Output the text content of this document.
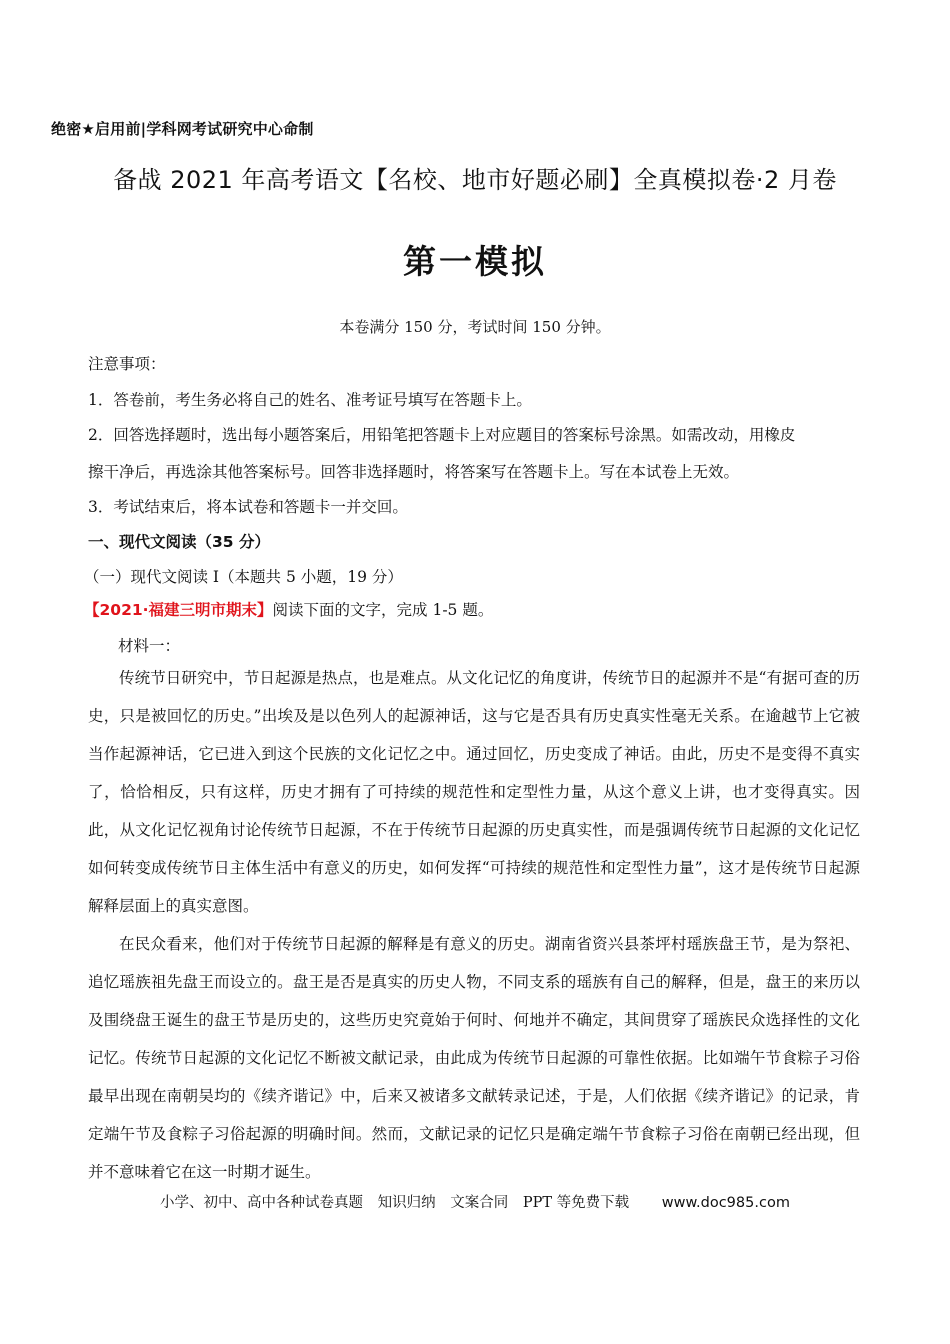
绝密★启用前|学科网考试研究中心命制
备战 2021 年高考语文【名校、地市好题必刷】全真模拟卷·2 月卷
第一模拟
本卷满分 150 分，考试时间 150 分钟。
注意事项：
1．答卷前，考生务必将自己的姓名、准考证号填写在答题卡上。
2．回答选择题时，选出每小题答案后，用铅笔把答题卡上对应题目的答案标号涂黑。如需改动，用橡皮
擦干净后，再选涂其他答案标号。回答非选择题时，将答案写在答题卡上。写在本试卷上无效。
3．考试结束后，将本试卷和答题卡一并交回。
一、现代文阅读（35 分）
（一）现代文阅读 I（本题共 5 小题，19 分）
【2021·福建三明市期末】阅读下面的文字，完成 1-5 题。
材料一：

传统节日研究中，节日起源是热点，也是难点。从文化记忆的角度讲，传统节日的起源并不是“有据可查的历史，只是被回忆的历史。”出埃及是以色列人的起源神话，这与它是否具有历史真实性毫无关系。在逾越节上它被当作起源神话，它已进入到这个民族的文化记忆之中。通过回忆，历史变成了神话。由此，历史不是变得不真实了，恰恰相反，只有这样，历史才拥有了可持续的规范性和定型性力量，从这个意义上讲，也才变得真实。因此，从文化记忆视角讨论传统节日起源，不在于传统节日起源的历史真实性，而是强调传统节日起源的文化记忆如何转变成传统节日主体生活中有意义的历史，如何发挥“可持续的规范性和定型性力量”，这才是传统节日起源解释层面上的真实意图。

在民众看来，他们对于传统节日起源的解释是有意义的历史。湖南省资兴县茶坪村瑶族盘王节，是为祭祀、追忆瑶族祖先盘王而设立的。盘王是否是真实的历史人物，不同支系的瑶族有自己的解释，但是，盘王的来历以及围绕盘王诞生的盘王节是历史的，这些历史究竟始于何时、何地并不确定，其间贯穿了瑶族民众选择性的文化记忆。传统节日起源的文化记忆不断被文献记录，由此成为传统节日起源的可靠性依据。比如端午节食粽子习俗最早出现在南朝吴均的《续齐谐记》中，后来又被诸多文献转录记述，于是，人们依据《续齐谐记》的记录，肯定端午节及食粽子习俗起源的明确时间。然而，文献记录的记忆只是确定端午节食粽子习俗在南朝已经出现，但并不意味着它在这一时期才诞生。

小学、初中、高中各种试卷真题 知识归纳 文案合同 PPT 等免费下载 www.doc985.com
